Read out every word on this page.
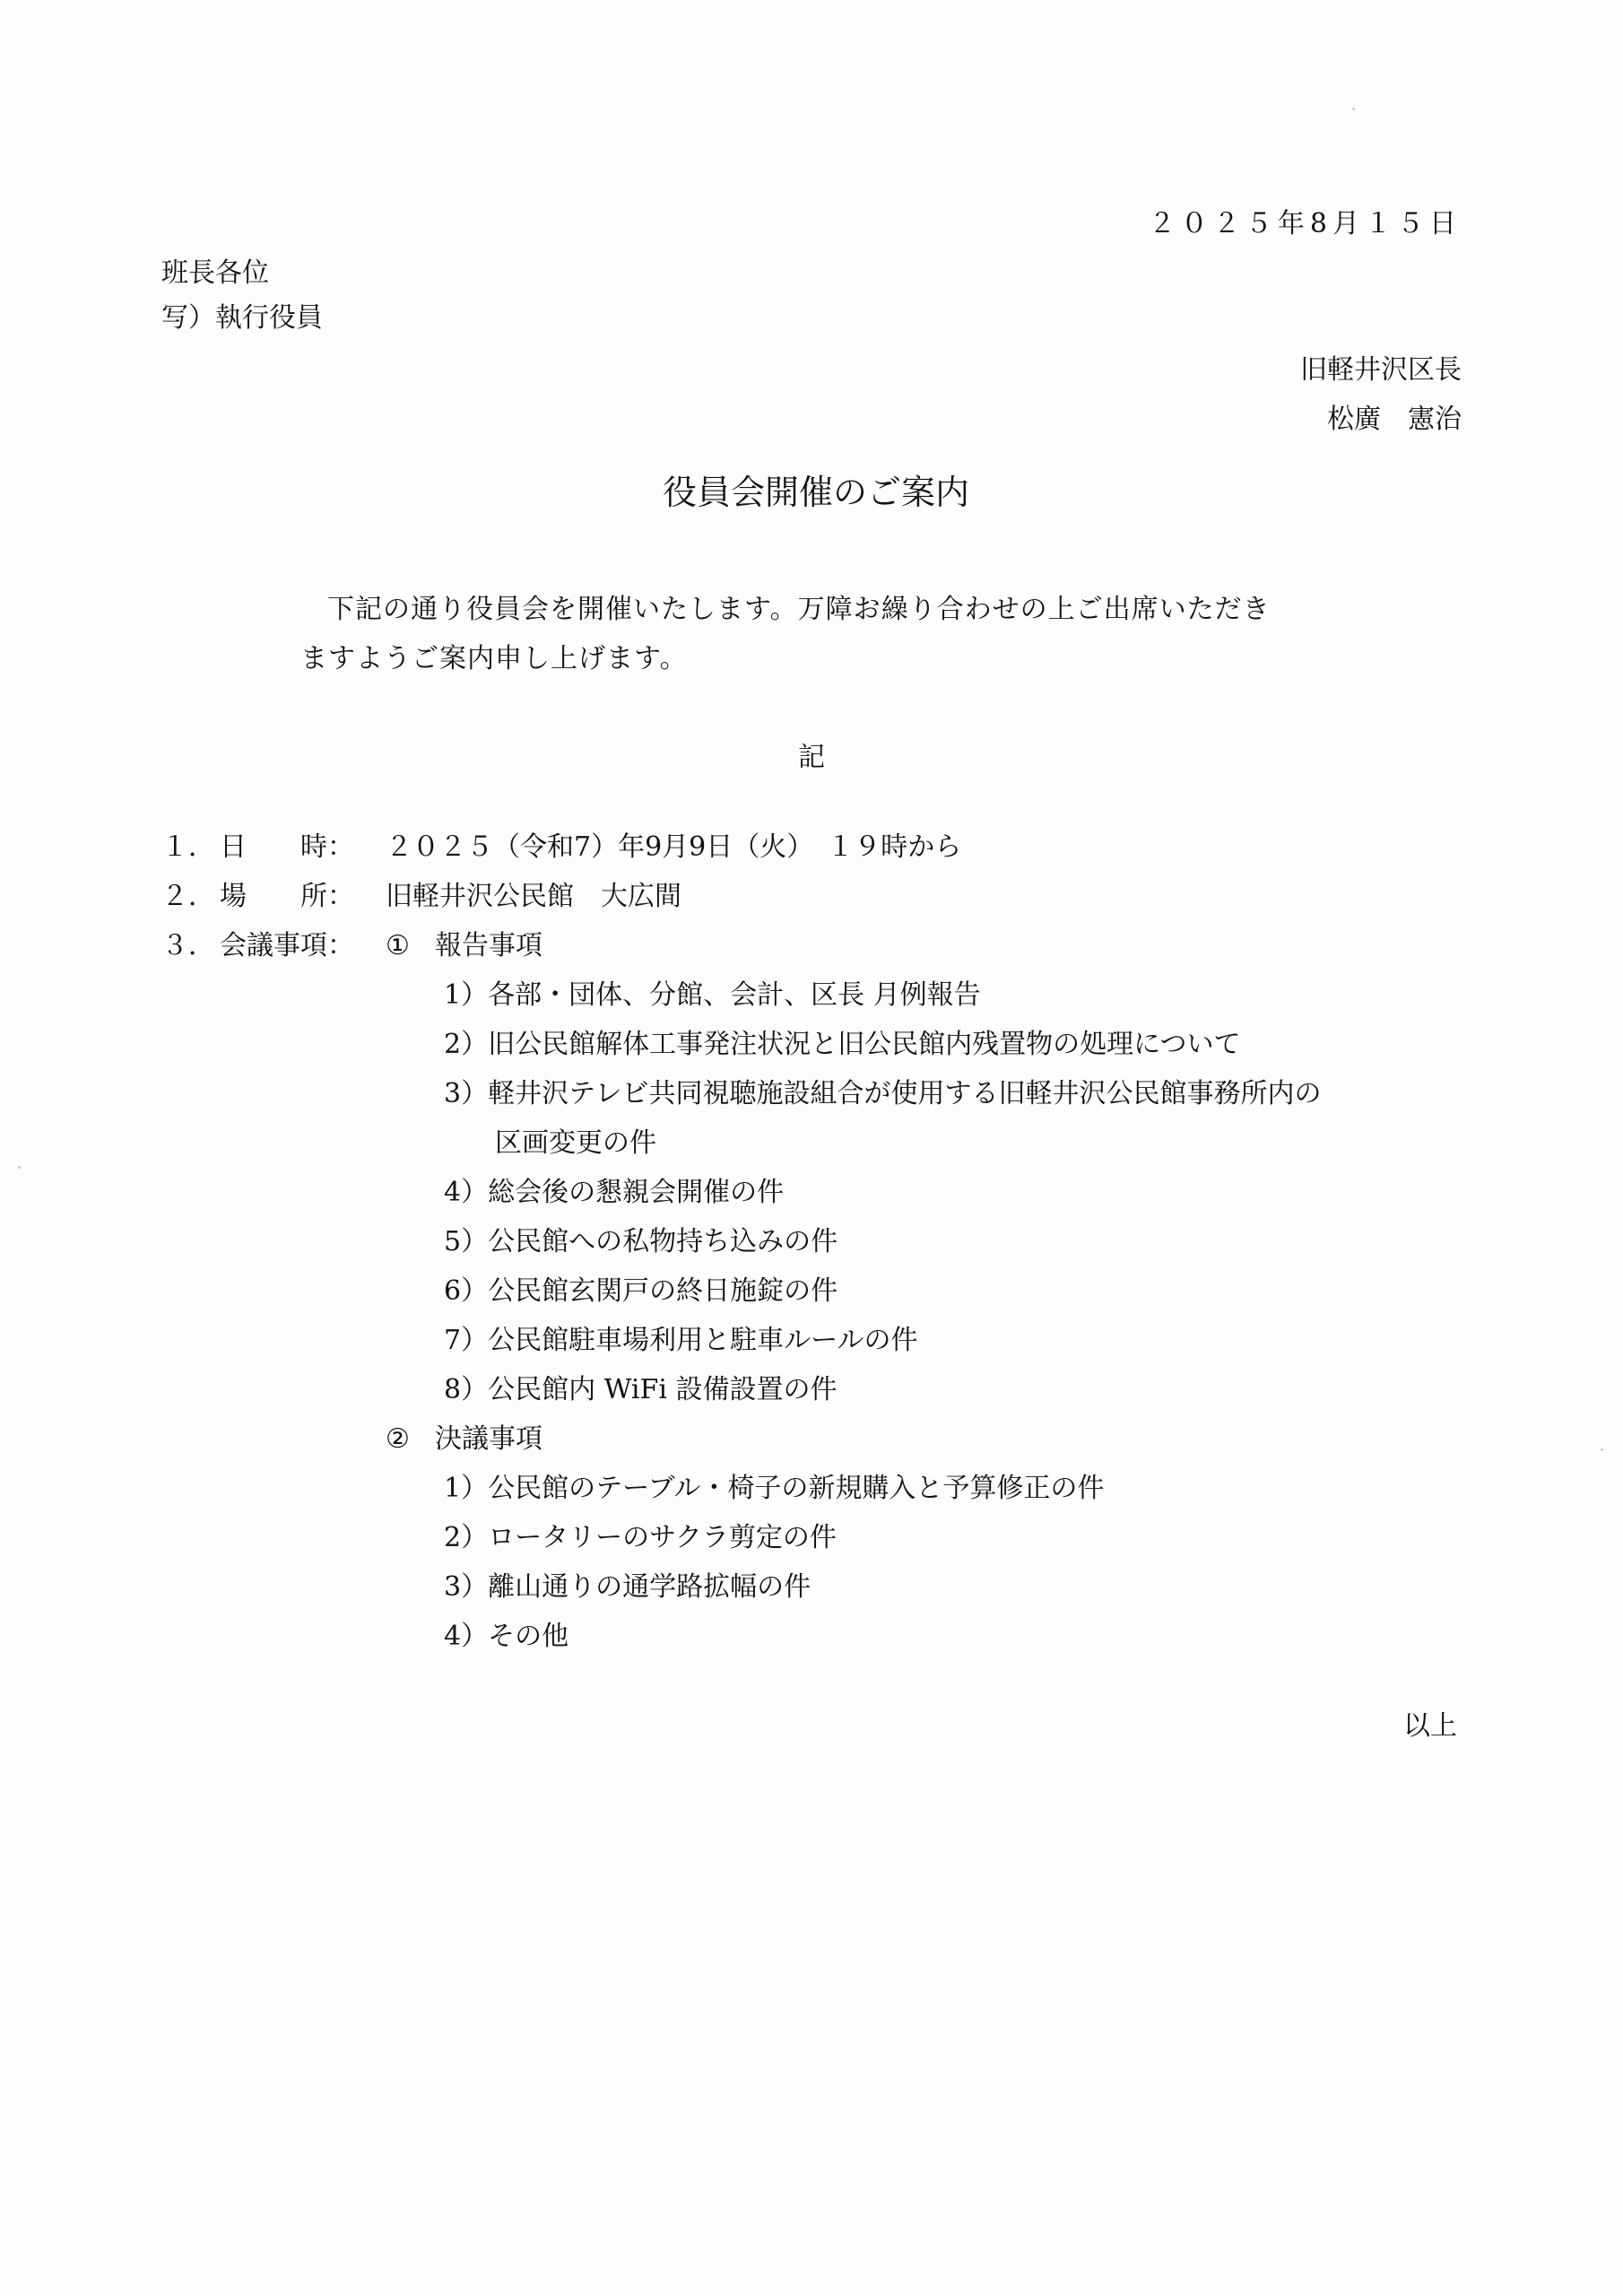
２０２５年8月１５日
班長各位
写）執行役員
旧軽井沢区長
松廣　憲治
役員会開催のご案内
下記の通り役員会を開催いたします。万障お繰り合わせの上ご出席いただき
ますようご案内申し上げます。
記
１． 日　　時： ２０２５（令和7）年9月9日（火）　１９時から
２． 場　　所： 旧軽井沢公民館　大広間
３． 会議事項： ① 報告事項
1）各部・団体、分館、会計、区長 月例報告
2）旧公民館解体工事発注状況と旧公民館内残置物の処理について
3）軽井沢テレビ共同視聴施設組合が使用する旧軽井沢公民館事務所内の
区画変更の件
4）総会後の懇親会開催の件
5）公民館への私物持ち込みの件
6）公民館玄関戸の終日施錠の件
7）公民館駐車場利用と駐車ルールの件
8）公民館内 WiFi 設備設置の件
② 決議事項
1）公民館のテーブル・椅子の新規購入と予算修正の件
2）ロータリーのサクラ剪定の件
3）離山通りの通学路拡幅の件
4）その他
以上
